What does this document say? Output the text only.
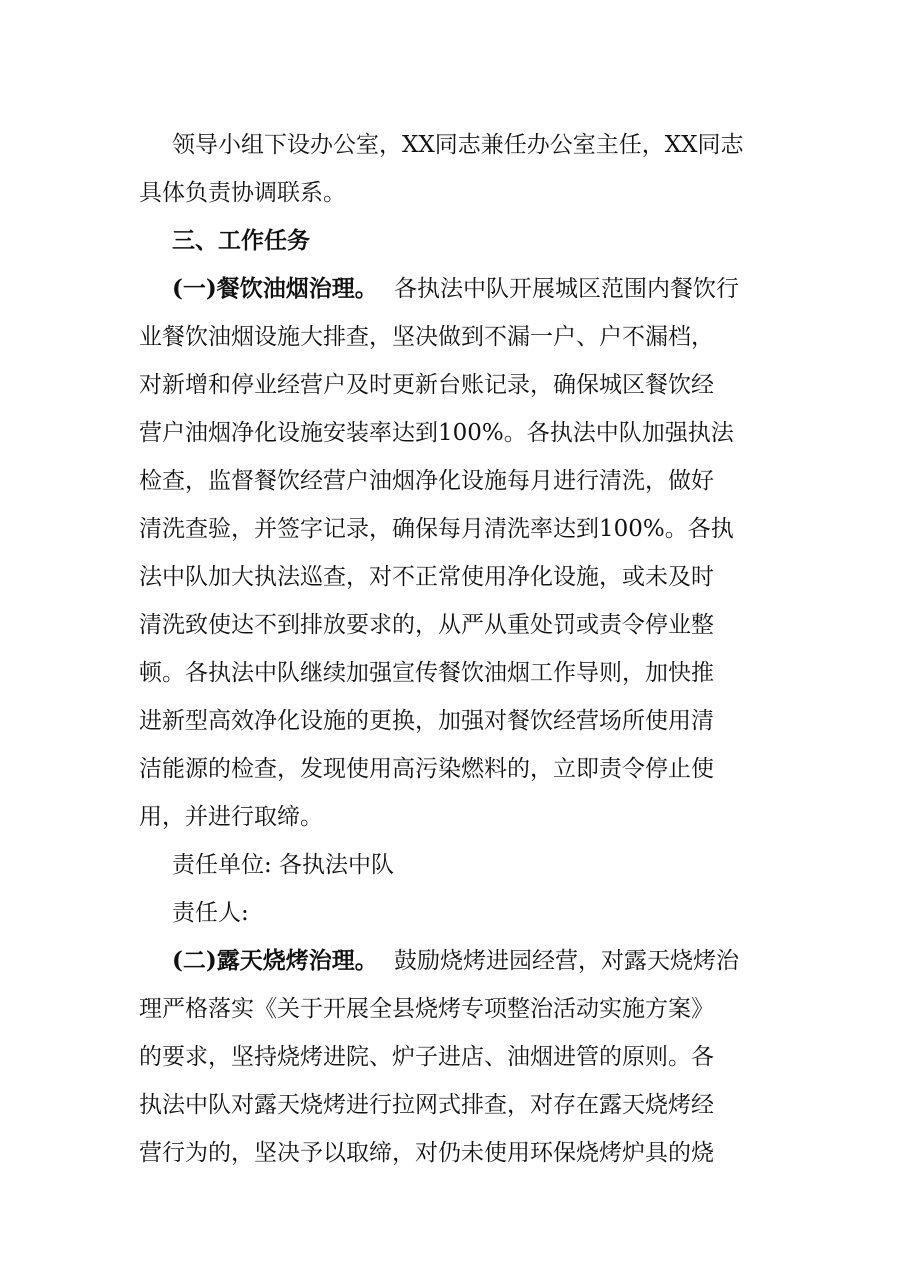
领导小组下设办公室，XX同志兼任办公室主任，XX同志
具体负责协调联系。
三、工作任务
(一)餐饮油烟治理。 各执法中队开展城区范围内餐饮行
业餐饮油烟设施大排查，坚决做到不漏一户、户不漏档，
对新增和停业经营户及时更新台账记录，确保城区餐饮经
营户油烟净化设施安装率达到100%。各执法中队加强执法
检查，监督餐饮经营户油烟净化设施每月进行清洗，做好
清洗查验，并签字记录，确保每月清洗率达到100%。各执
法中队加大执法巡查，对不正常使用净化设施，或未及时
清洗致使达不到排放要求的，从严从重处罚或责令停业整
顿。各执法中队继续加强宣传餐饮油烟工作导则，加快推
进新型高效净化设施的更换，加强对餐饮经营场所使用清
洁能源的检查，发现使用高污染燃料的，立即责令停止使
用，并进行取缔。
责任单位: 各执法中队
责任人:
(二)露天烧烤治理。 鼓励烧烤进园经营，对露天烧烤治
理严格落实《关于开展全县烧烤专项整治活动实施方案》
的要求，坚持烧烤进院、炉子进店、油烟进管的原则。各
执法中队对露天烧烤进行拉网式排查，对存在露天烧烤经
营行为的，坚决予以取缔，对仍未使用环保烧烤炉具的烧
